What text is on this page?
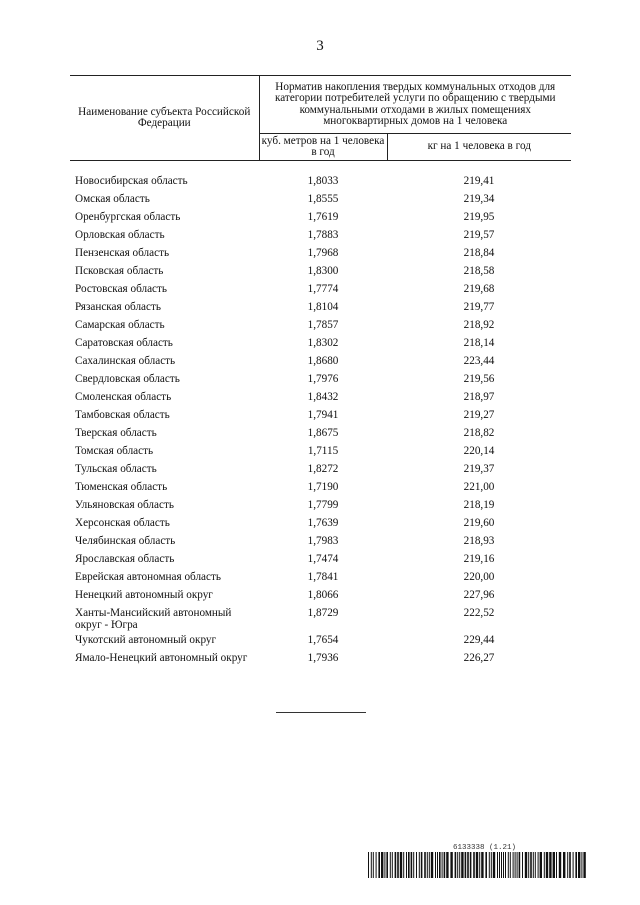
3
Наименование субъекта Российской Федерации	Норматив накопления твердых коммунальных отходов для категории потребителей услуги по обращению с твердыми коммунальными отходами в жилых помещениях многоквартирных домов на 1 человека	
	куб. метров на 1 человека в год	кг на 1 человека в год

Новосибирская область	1,8033	219,41
Омская область	1,8555	219,34
Оренбургская область	1,7619	219,95
Орловская область	1,7883	219,57
Пензенская область	1,7968	218,84
Псковская область	1,8300	218,58
Ростовская область	1,7774	219,68
Рязанская область	1,8104	219,77
Самарская область	1,7857	218,92
Саратовская область	1,8302	218,14
Сахалинская область	1,8680	223,44
Свердловская область	1,7976	219,56
Смоленская область	1,8432	218,97
Тамбовская область	1,7941	219,27
Тверская область	1,8675	218,82
Томская область	1,7115	220,14
Тульская область	1,8272	219,37
Тюменская область	1,7190	221,00
Ульяновская область	1,7799	218,19
Херсонская область	1,7639	219,60
Челябинская область	1,7983	218,93
Ярославская область	1,7474	219,16
Еврейская автономная область	1,7841	220,00
Ненецкий автономный округ	1,8066	227,96
Ханты-Мансийский автономный округ - Югра	1,8729	222,52
Чукотский автономный округ	1,7654	229,44
Ямало-Ненецкий автономный округ	1,7936	226,27
6133338 (1.21)
